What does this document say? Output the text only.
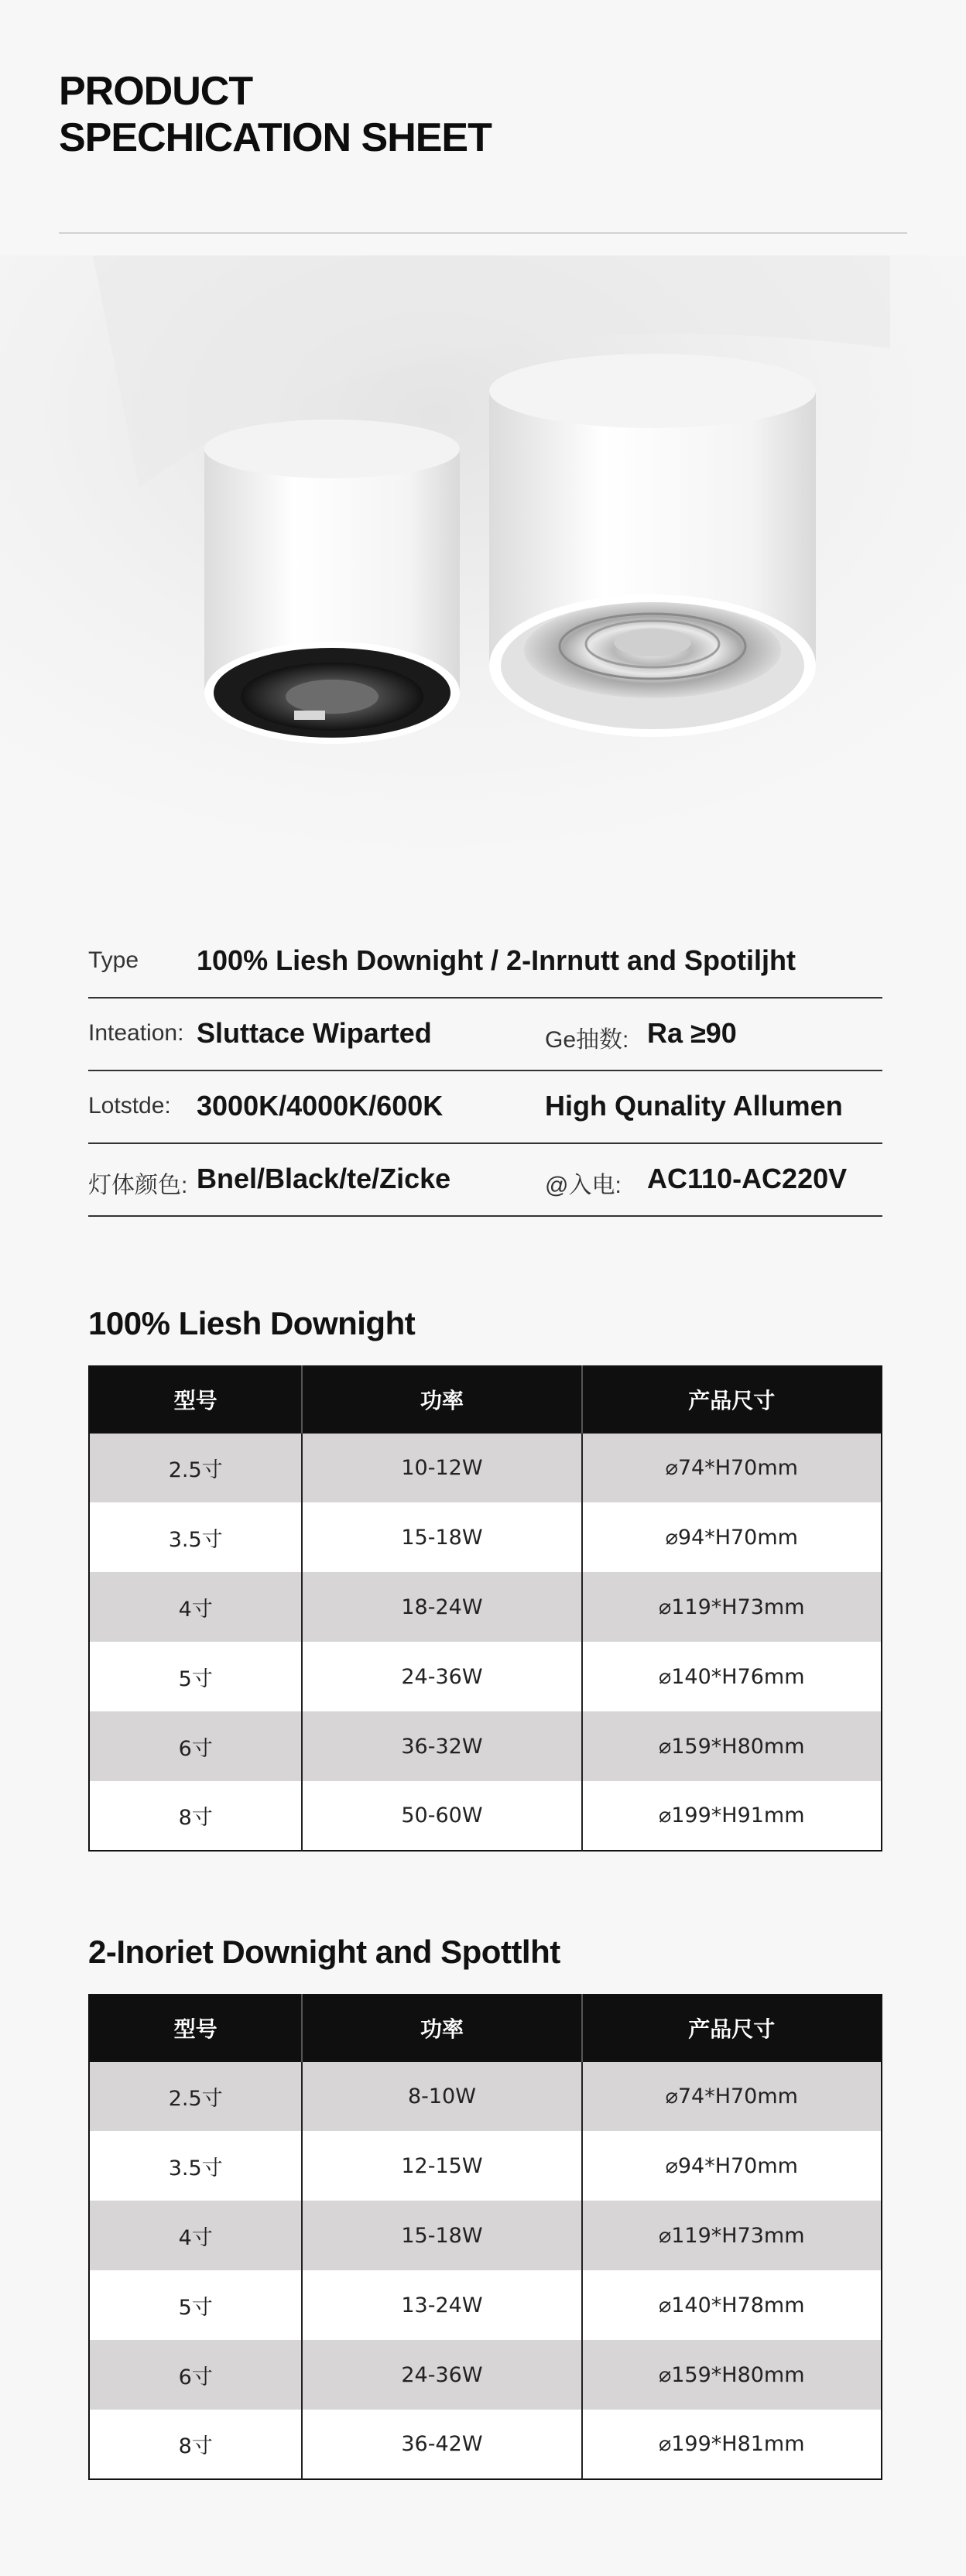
PRODUCT
SPECHICATION SHEET
Type 100% Liesh Downight / 2-Inrnutt and Spotiljht
Inteation: Sluttace Wiparted	Ge抽数: Ra ≥90
Lotstde: 3000K/4000K/600K	High Qunality Allumen
灯体颜色: Bnel/Black/te/Zicke	@入电: AC110-AC220V
100% Liesh Downight
型号	功率	产品尺寸
2.5寸	10-12W	⌀74*H70mm
3.5寸	15-18W	⌀94*H70mm
4寸	18-24W	⌀119*H73mm
5寸	24-36W	⌀140*H76mm
6寸	36-32W	⌀159*H80mm
8寸	50-60W	⌀199*H91mm
2-Inoriet Downight and Spottlht
型号	功率	产品尺寸
2.5寸	8-10W	⌀74*H70mm
3.5寸	12-15W	⌀94*H70mm
4寸	15-18W	⌀119*H73mm
5寸	13-24W	⌀140*H78mm
6寸	24-36W	⌀159*H80mm
8寸	36-42W	⌀199*H81mm
